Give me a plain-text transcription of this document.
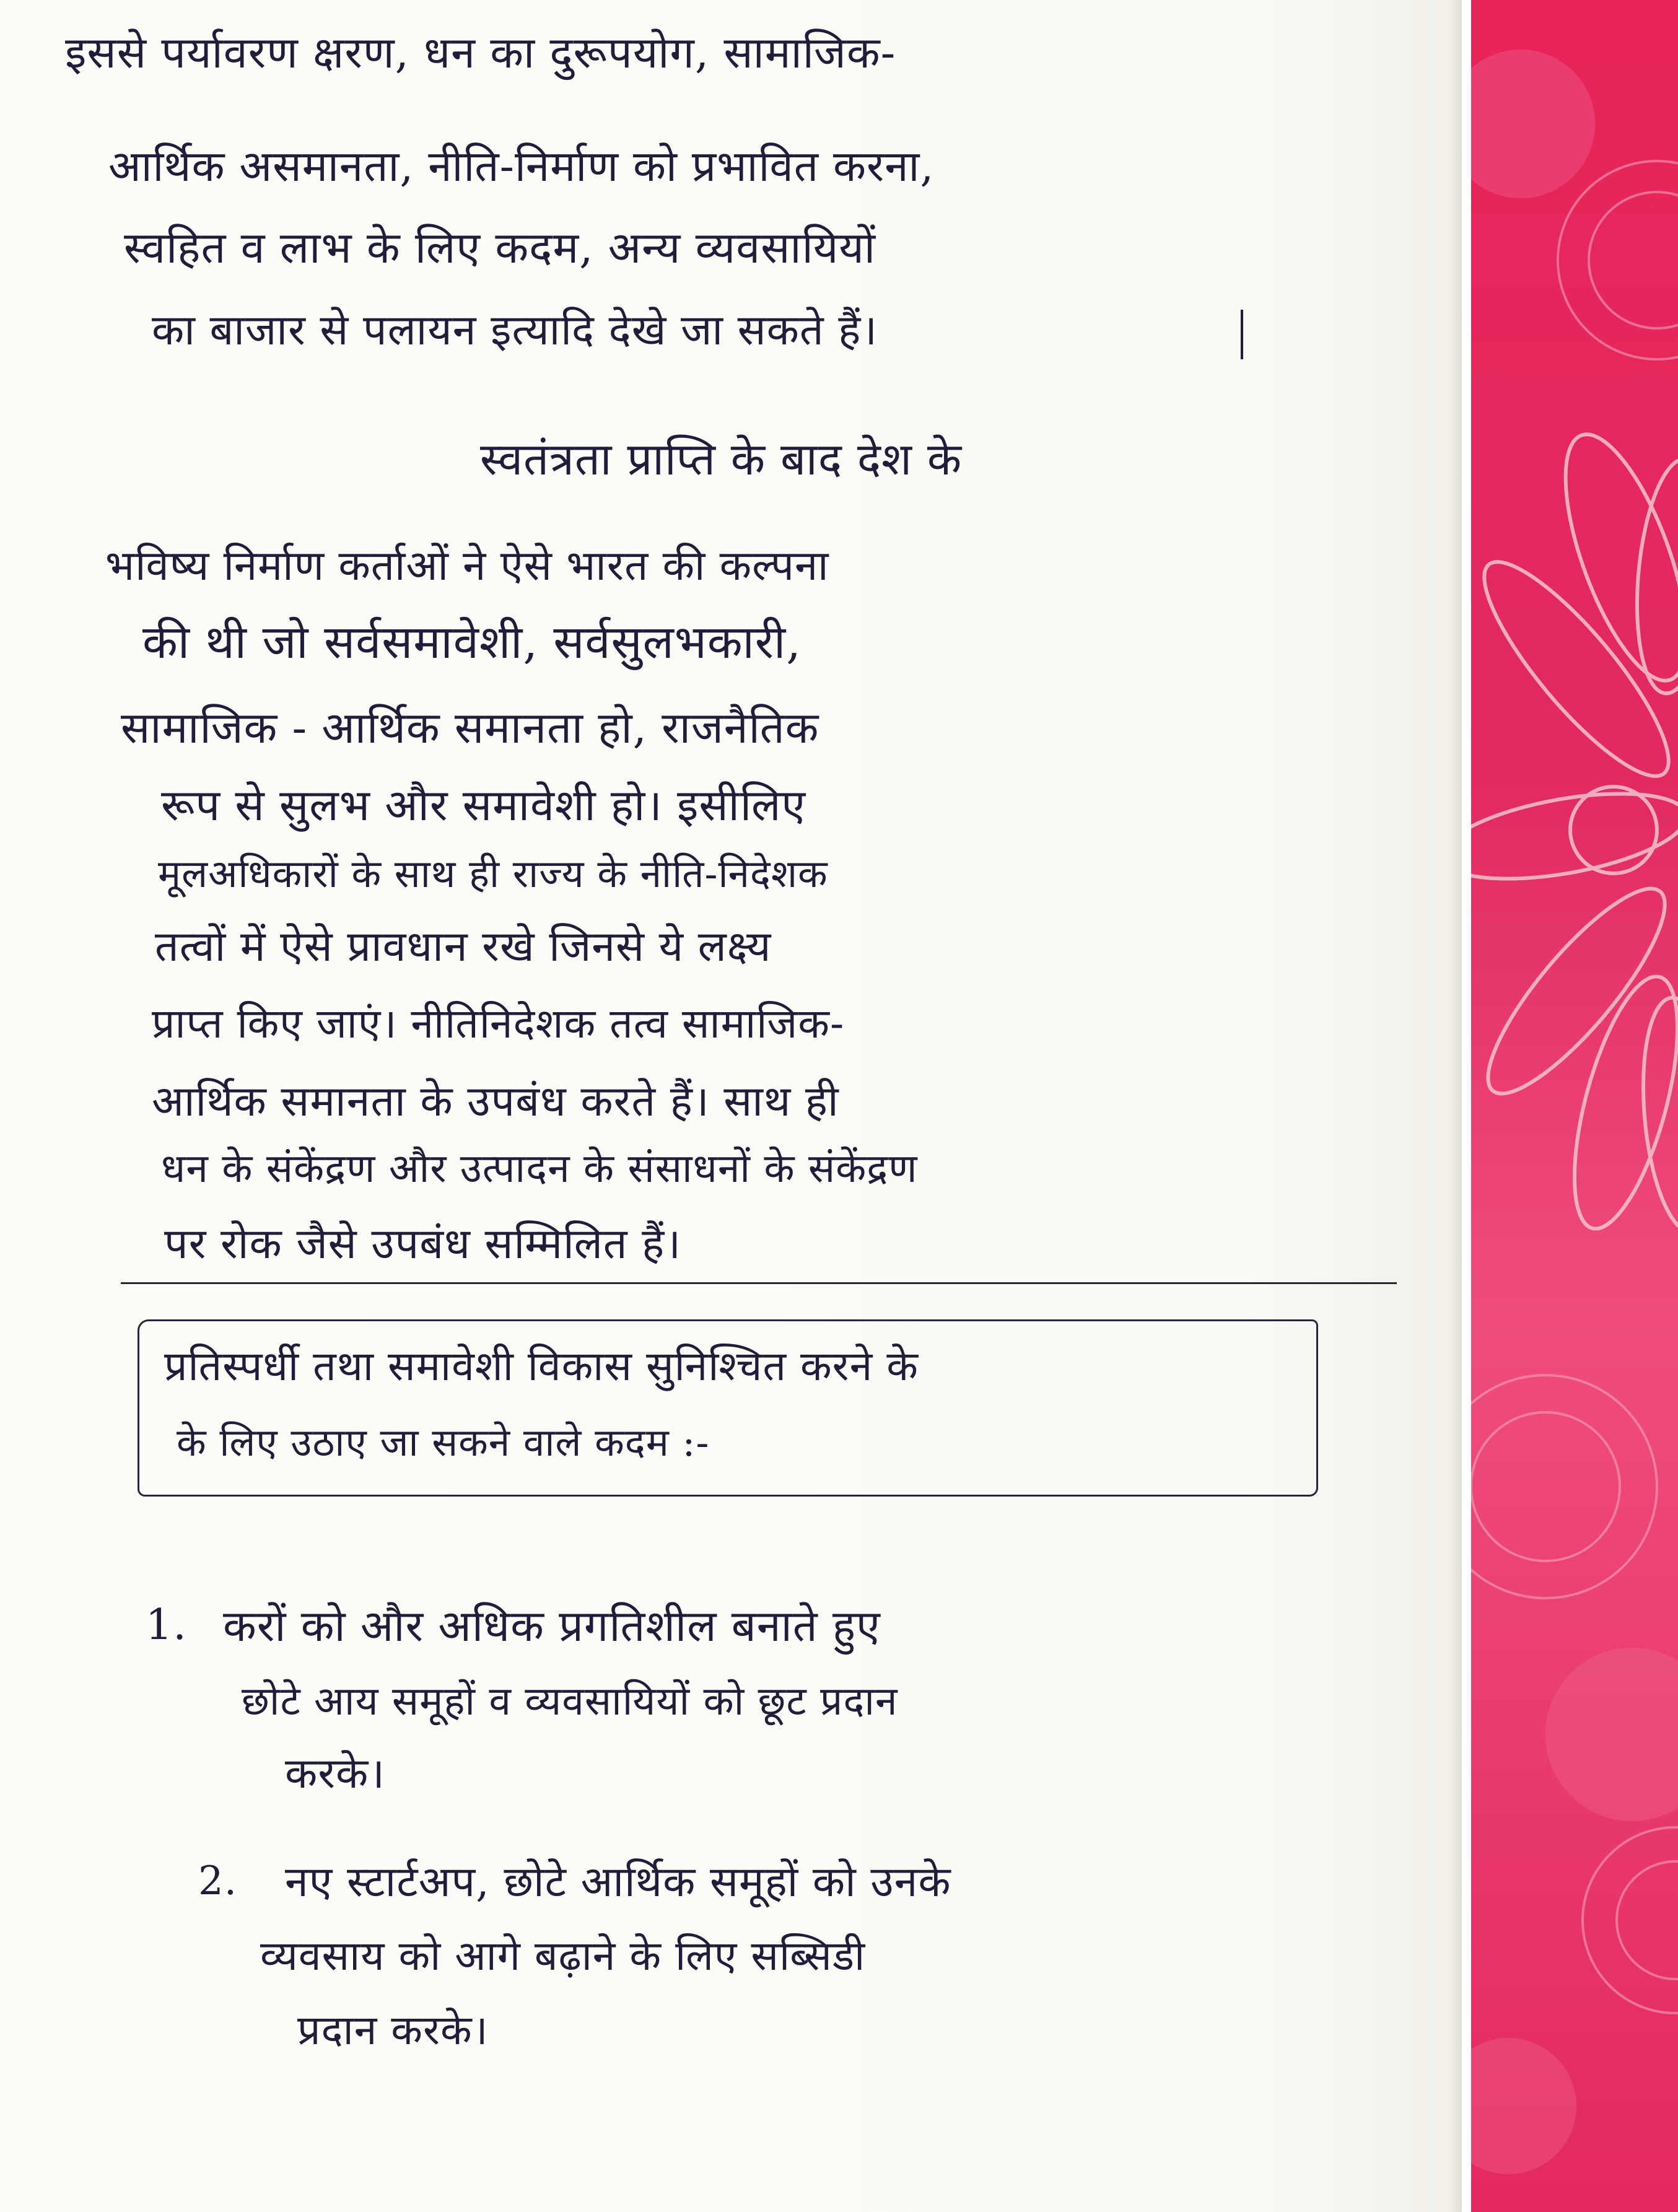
इससे पर्यावरण क्षरण, धन का दुरूपयोग, सामाजिक-
आर्थिक असमानता, नीति-निर्माण को प्रभावित करना,
स्वहित व लाभ के लिए कदम, अन्य व्यवसायियों
का बाजार से पलायन इत्यादि देखे जा सकते हैं।
स्वतंत्रता प्राप्ति के बाद देश के
भविष्य निर्माण कर्ताओं ने ऐसे भारत की कल्पना
की थी जो सर्वसमावेशी, सर्वसुलभकारी,
सामाजिक - आर्थिक समानता हो, राजनैतिक
रूप से सुलभ और समावेशी हो। इसीलिए
मूलअधिकारों के साथ ही राज्य के नीति-निदेशक
तत्वों में ऐसे प्रावधान रखे जिनसे ये लक्ष्य
प्राप्त किए जाएं। नीतिनिदेशक तत्व सामाजिक-
आर्थिक समानता के उपबंध करते हैं। साथ ही
धन के संकेंद्रण और उत्पादन के संसाधनों के संकेंद्रण
पर रोक जैसे उपबंध सम्मिलित हैं।
प्रतिस्पर्धी तथा समावेशी विकास सुनिश्चित करने के
के लिए उठाए जा सकने वाले कदम :-
1. करों को और अधिक प्रगतिशील बनाते हुए
छोटे आय समूहों व व्यवसायियों को छूट प्रदान
करके।
2. नए स्टार्टअप, छोटे आर्थिक समूहों को उनके
व्यवसाय को आगे बढ़ाने के लिए सब्सिडी
प्रदान करके।
